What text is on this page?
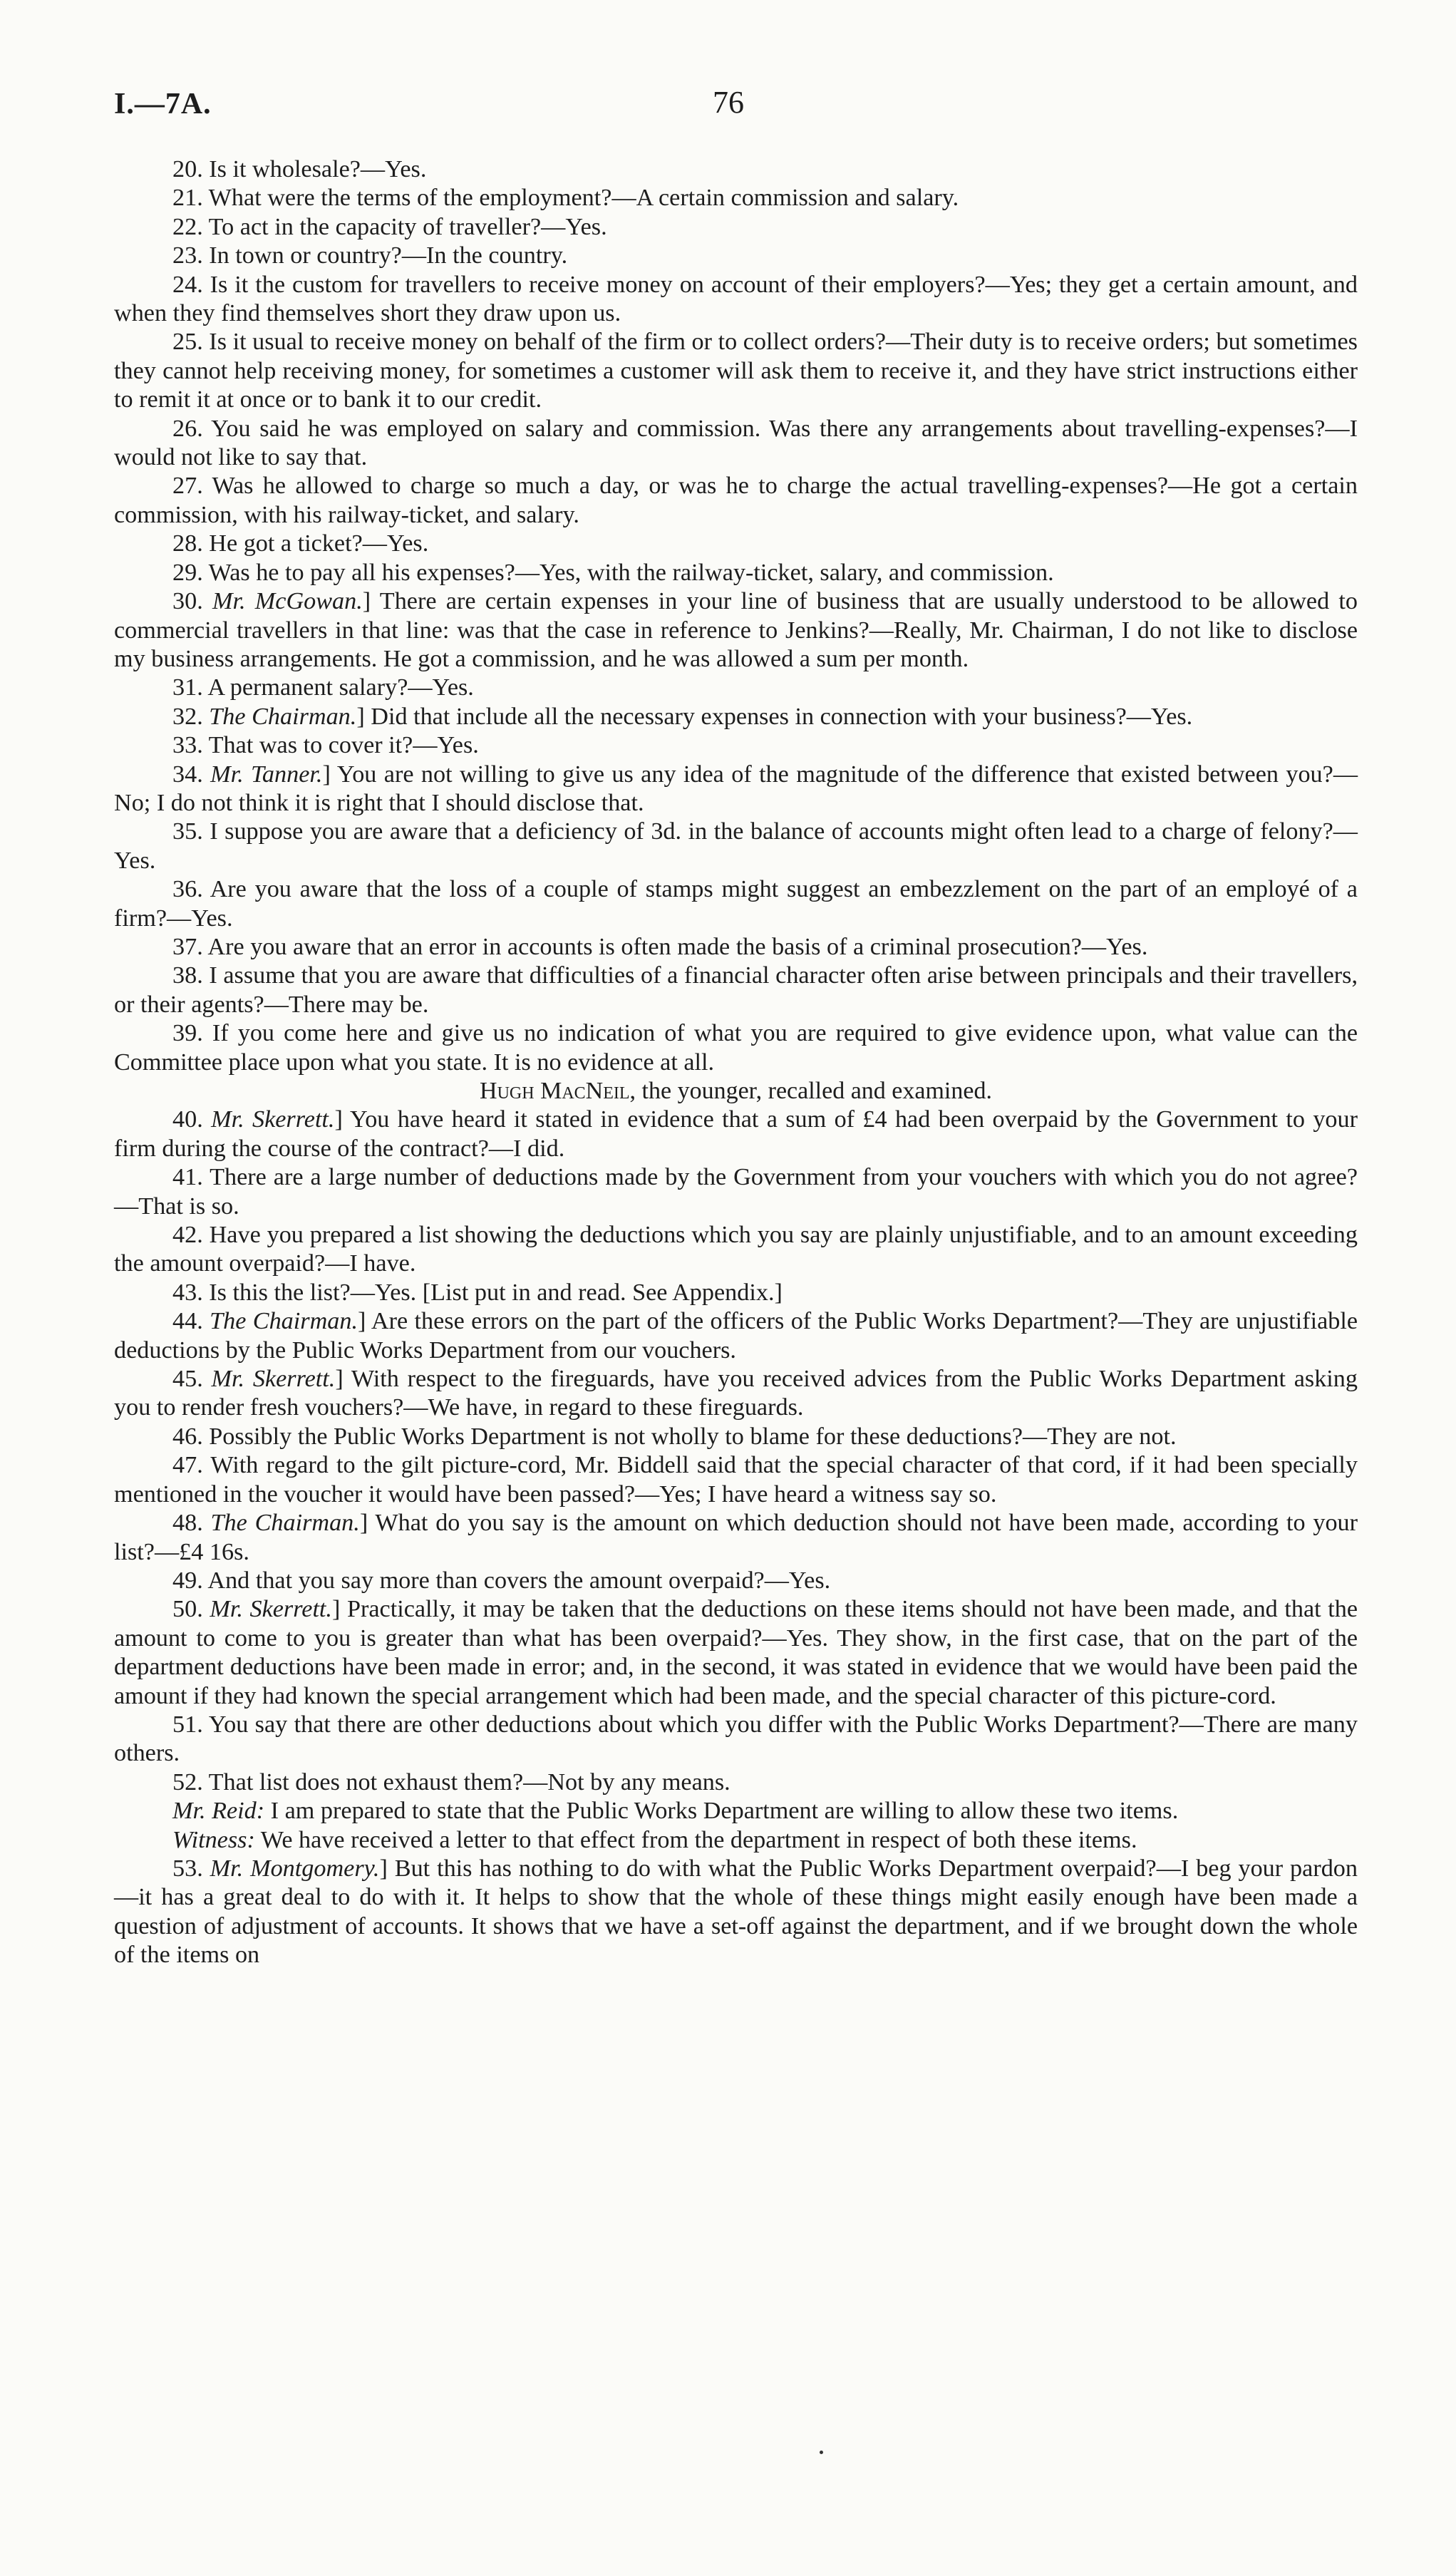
I.—7A.	76

20. Is it wholesale?—Yes.

21. What were the terms of the employment?—A certain commission and salary.

22. To act in the capacity of traveller?—Yes.

23. In town or country?—In the country.

24. Is it the custom for travellers to receive money on account of their employers?—Yes; they get a certain amount, and when they find themselves short they draw upon us.

25. Is it usual to receive money on behalf of the firm or to collect orders?—Their duty is to receive orders; but sometimes they cannot help receiving money, for sometimes a customer will ask them to receive it, and they have strict instructions either to remit it at once or to bank it to our credit.

26. You said he was employed on salary and commission. Was there any arrangements about travelling-expenses?—I would not like to say that.

27. Was he allowed to charge so much a day, or was he to charge the actual travelling-expenses?—He got a certain commission, with his railway-ticket, and salary.

28. He got a ticket?—Yes.

29. Was he to pay all his expenses?—Yes, with the railway-ticket, salary, and commission.

30. Mr. McGowan.] There are certain expenses in your line of business that are usually understood to be allowed to commercial travellers in that line: was that the case in reference to Jenkins?—Really, Mr. Chairman, I do not like to disclose my business arrangements. He got a commission, and he was allowed a sum per month.

31. A permanent salary?—Yes.

32. The Chairman.] Did that include all the necessary expenses in connection with your business?—Yes.

33. That was to cover it?—Yes.

34. Mr. Tanner.] You are not willing to give us any idea of the magnitude of the difference that existed between you?—No; I do not think it is right that I should disclose that.

35. I suppose you are aware that a deficiency of 3d. in the balance of accounts might often lead to a charge of felony?—Yes.

36. Are you aware that the loss of a couple of stamps might suggest an embezzlement on the part of an employé of a firm?—Yes.

37. Are you aware that an error in accounts is often made the basis of a criminal prosecution?—Yes.

38. I assume that you are aware that difficulties of a financial character often arise between principals and their travellers, or their agents?—There may be.

39. If you come here and give us no indication of what you are required to give evidence upon, what value can the Committee place upon what you state. It is no evidence at all.

Hugh MacNeil, the younger, recalled and examined.

40. Mr. Skerrett.] You have heard it stated in evidence that a sum of £4 had been overpaid by the Government to your firm during the course of the contract?—I did.

41. There are a large number of deductions made by the Government from your vouchers with which you do not agree?—That is so.

42. Have you prepared a list showing the deductions which you say are plainly unjustifiable, and to an amount exceeding the amount overpaid?—I have.

43. Is this the list?—Yes. [List put in and read. See Appendix.]

44. The Chairman.] Are these errors on the part of the officers of the Public Works Department?—They are unjustifiable deductions by the Public Works Department from our vouchers.

45. Mr. Skerrett.] With respect to the fireguards, have you received advices from the Public Works Department asking you to render fresh vouchers?—We have, in regard to these fireguards.

46. Possibly the Public Works Department is not wholly to blame for these deductions?—They are not.

47. With regard to the gilt picture-cord, Mr. Biddell said that the special character of that cord, if it had been specially mentioned in the voucher it would have been passed?—Yes; I have heard a witness say so.

48. The Chairman.] What do you say is the amount on which deduction should not have been made, according to your list?—£4 16s.

49. And that you say more than covers the amount overpaid?—Yes.

50. Mr. Skerrett.] Practically, it may be taken that the deductions on these items should not have been made, and that the amount to come to you is greater than what has been overpaid?—Yes. They show, in the first case, that on the part of the department deductions have been made in error; and, in the second, it was stated in evidence that we would have been paid the amount if they had known the special arrangement which had been made, and the special character of this picture-cord.

51. You say that there are other deductions about which you differ with the Public Works Department?—There are many others.

52. That list does not exhaust them?—Not by any means.

Mr. Reid: I am prepared to state that the Public Works Department are willing to allow these two items.

Witness: We have received a letter to that effect from the department in respect of both these items.

53. Mr. Montgomery.] But this has nothing to do with what the Public Works Department overpaid?—I beg your pardon—it has a great deal to do with it. It helps to show that the whole of these things might easily enough have been made a question of adjustment of accounts. It shows that we have a set-off against the department, and if we brought down the whole of the items on
